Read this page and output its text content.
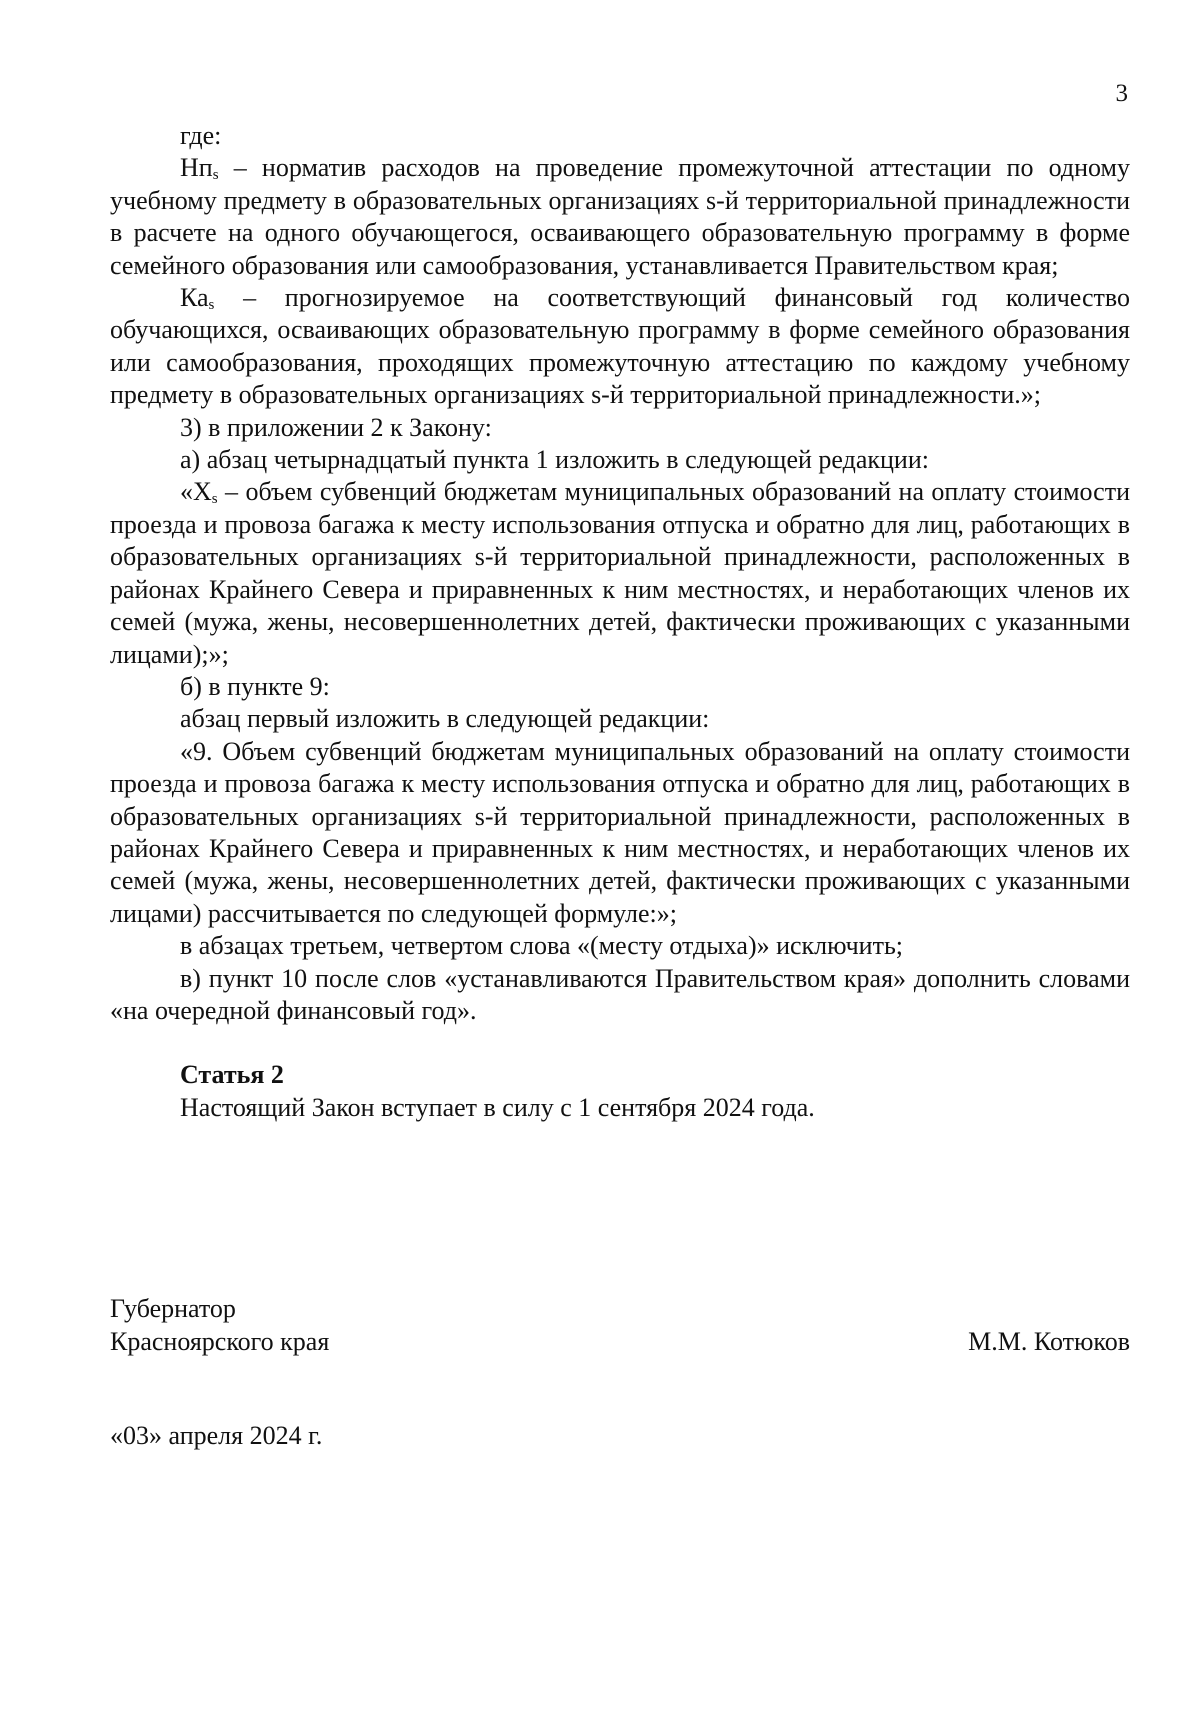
3

где:

$Нп_s$ – норматив расходов на проведение промежуточной аттестации по одному учебному предмету в образовательных организациях s-й территориальной принадлежности в расчете на одного обучающегося, осваивающего образовательную программу в форме семейного образования или самообразования, устанавливается Правительством края;

$Ка_s$ – прогнозируемое на соответствующий финансовый год количество обучающихся, осваивающих образовательную программу в форме семейного образования или самообразования, проходящих промежуточную аттестацию по каждому учебному предмету в образовательных организациях s-й территориальной принадлежности.»;

3) в приложении 2 к Закону:

а) абзац четырнадцатый пункта 1 изложить в следующей редакции:

«$X_s$ – объем субвенций бюджетам муниципальных образований на оплату стоимости проезда и провоза багажа к месту использования отпуска и обратно для лиц, работающих в образовательных организациях s-й территориальной принадлежности, расположенных в районах Крайнего Севера и приравненных к ним местностях, и неработающих членов их семей (мужа, жены, несовершеннолетних детей, фактически проживающих с указанными лицами);»;

б) в пункте 9:

абзац первый изложить в следующей редакции:

«9. Объем субвенций бюджетам муниципальных образований на оплату стоимости проезда и провоза багажа к месту использования отпуска и обратно для лиц, работающих в образовательных организациях s-й территориальной принадлежности, расположенных в районах Крайнего Севера и приравненных к ним местностях, и неработающих членов их семей (мужа, жены, несовершеннолетних детей, фактически проживающих с указанными лицами) рассчитывается по следующей формуле:»;

в абзацах третьем, четвертом слова «(месту отдыха)» исключить;

в) пункт 10 после слов «устанавливаются Правительством края» дополнить словами «на очередной финансовый год».

Статья 2

Настоящий Закон вступает в силу с 1 сентября 2024 года.

Губернатор
Красноярского края	М.М. Котюков
«03» апреля 2024 г.
